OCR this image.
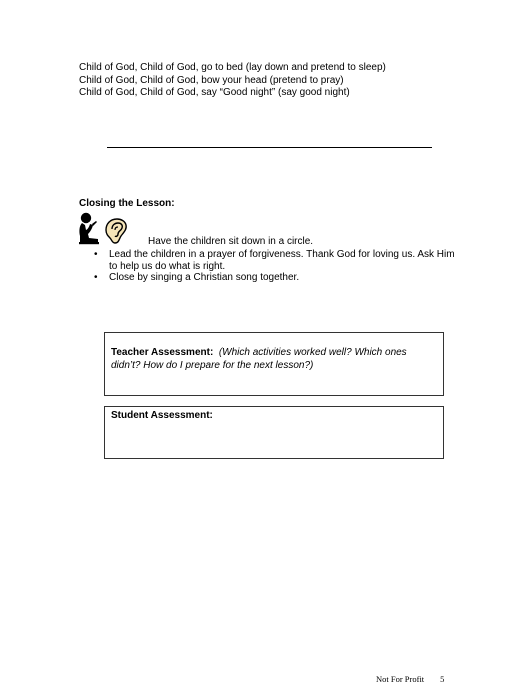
Child of God, Child of God, go to bed (lay down and pretend to sleep)
Child of God, Child of God, bow your head (pretend to pray)
Child of God, Child of God, say “Good night” (say good night)
Closing the Lesson:
Have the children sit down in a circle.
• Lead the children in a prayer of forgiveness. Thank God for loving us. Ask Him to help us do what is right.
• Close by singing a Christian song together.
Teacher Assessment: (Which activities worked well? Which ones didn’t? How do I prepare for the next lesson?)
Student Assessment:
Not For Profit 5
